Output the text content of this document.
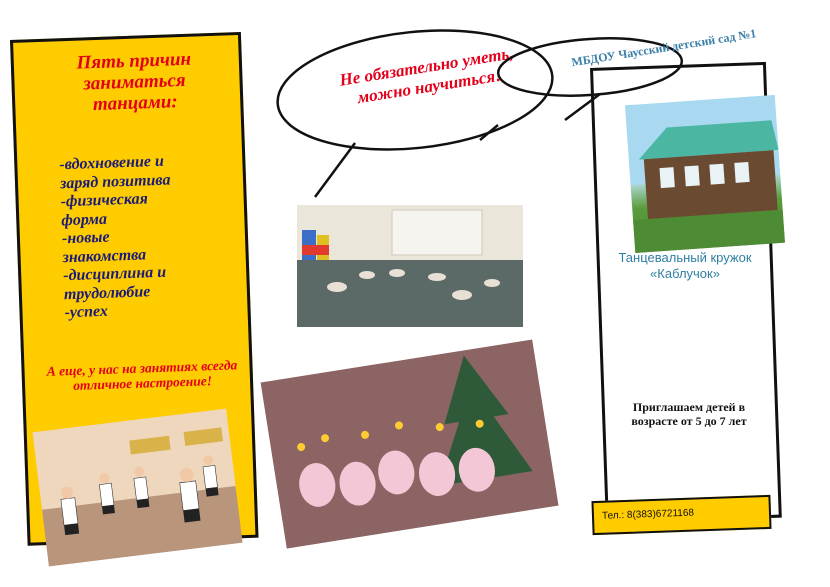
Пять причин заниматься танцами:
-вдохновение и
заряд позитива
-физическая
форма
-новые
знакомства
-дисциплина и
трудолюбие
-успех
А еще, у нас на занятиях всегда отличное настроение!
Не обязательно уметь, можно научиться!
МБДОУ Чаусский детский сад №1
Танцевальный кружок «Каблучок»
Приглашаем детей в возрасте от 5 до 7 лет
Тел.: 8(383)6721168
